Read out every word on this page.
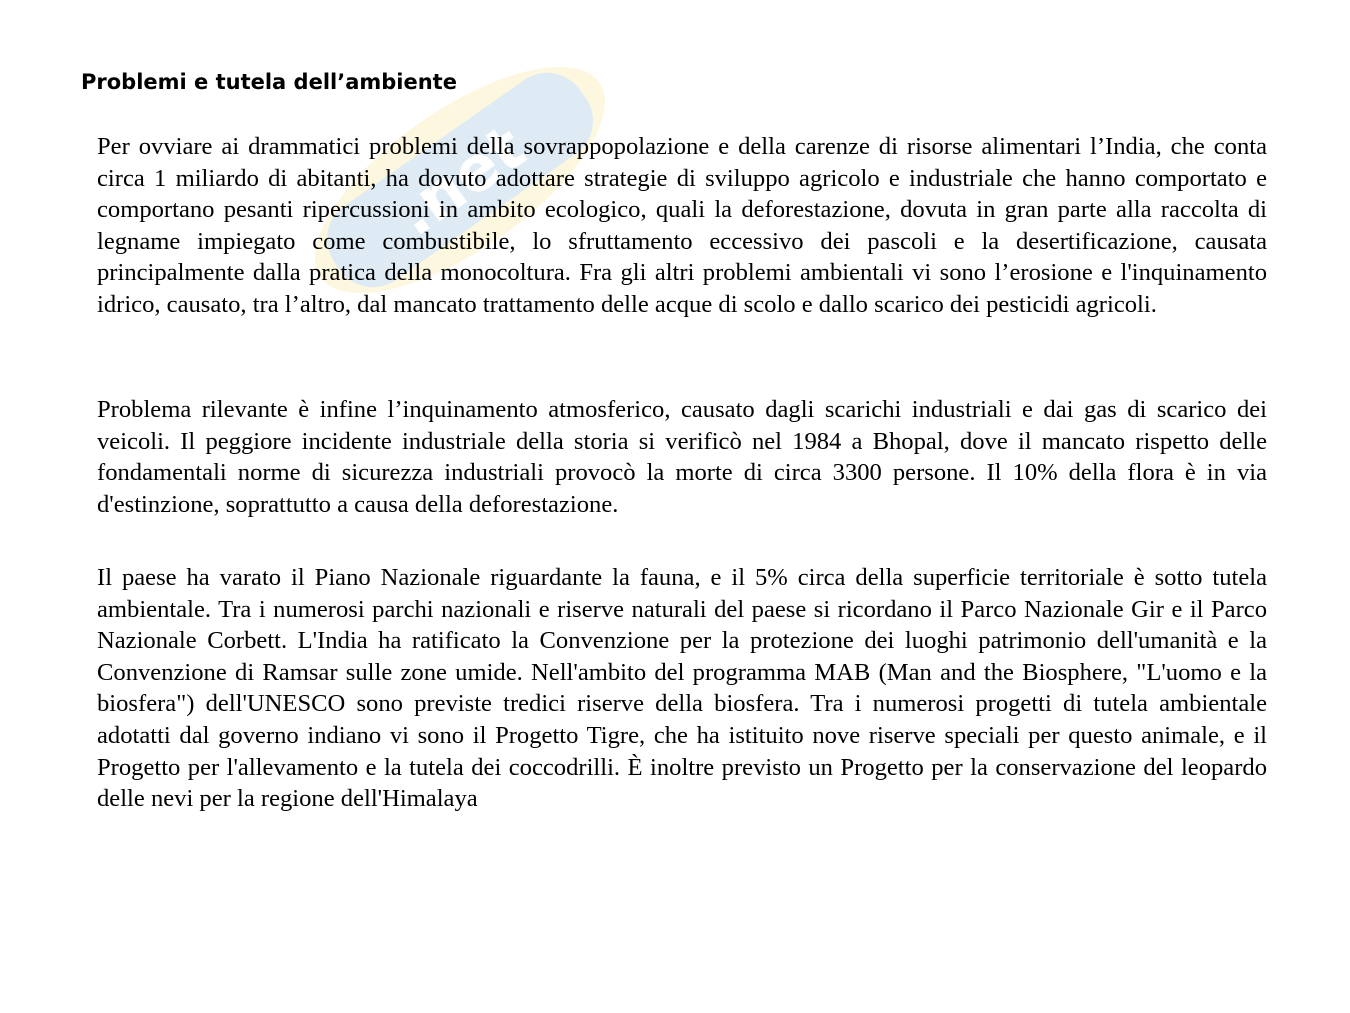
.net
Problemi e tutela dell’ambiente

Per ovviare ai drammatici problemi della sovrappopolazione e della carenze di risorse alimentari l’India, che conta circa 1 miliardo di abitanti, ha dovuto adottare strategie di sviluppo agricolo e industriale che hanno comportato e comportano pesanti ripercussioni in ambito ecologico, quali la deforestazione, dovuta in gran parte alla raccolta di legname impiegato come combustibile, lo sfruttamento eccessivo dei pascoli e la desertificazione, causata principalmente dalla pratica della monocoltura. Fra gli altri problemi ambientali vi sono l’erosione e l'inquinamento idrico, causato, tra l’altro, dal mancato trattamento delle acque di scolo e dallo scarico dei pesticidi agricoli.

Problema rilevante è infine l’inquinamento atmosferico, causato dagli scarichi industriali e dai gas di scarico dei veicoli. Il peggiore incidente industriale della storia si verificò nel 1984 a Bhopal, dove il mancato rispetto delle fondamentali norme di sicurezza industriali provocò la morte di circa 3300 persone. Il 10% della flora è in via d'estinzione, soprattutto a causa della deforestazione.

Il paese ha varato il Piano Nazionale riguardante la fauna, e il 5% circa della superficie territoriale è sotto tutela ambientale. Tra i numerosi parchi nazionali e riserve naturali del paese si ricordano il Parco Nazionale Gir e il Parco Nazionale Corbett. L'India ha ratificato la Convenzione per la protezione dei luoghi patrimonio dell'umanità e la Convenzione di Ramsar sulle zone umide. Nell'ambito del programma MAB (Man and the Biosphere, "L'uomo e la biosfera") dell'UNESCO sono previste tredici riserve della biosfera. Tra i numerosi progetti di tutela ambientale adotatti dal governo indiano vi sono il Progetto Tigre, che ha istituito nove riserve speciali per questo animale, e il Progetto per l'allevamento e la tutela dei coccodrilli. È inoltre previsto un Progetto per la conservazione del leopardo delle nevi per la regione dell'Himalaya
